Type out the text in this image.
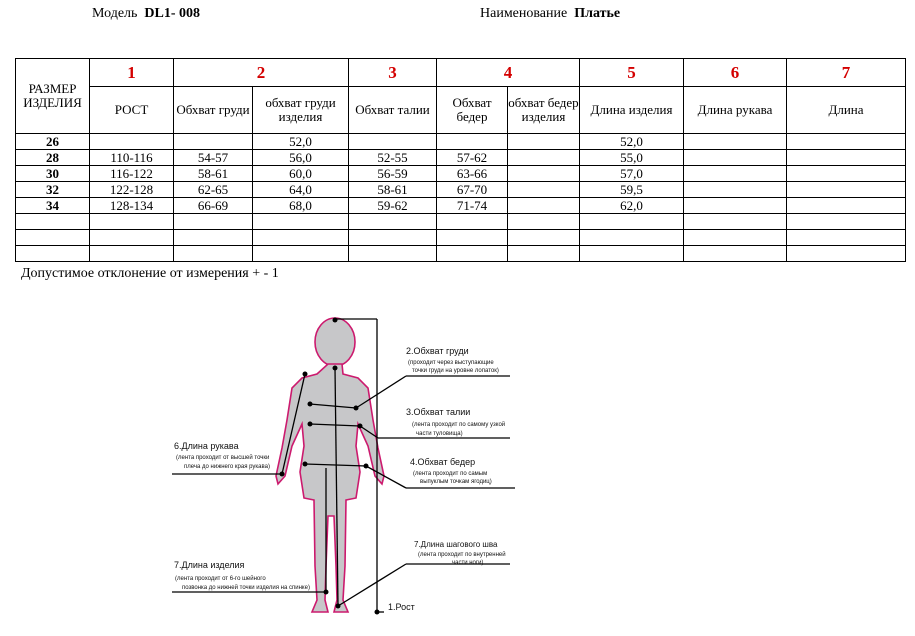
Модель DL1- 008	Наименование Платье
РАЗМЕР ИЗДЕЛИЯ	1	2		3	4		5	6	7
	РОСТ	Обхват груди	обхват груди изделия	Обхват талии	Обхват бедер	обхват бедер изделия	Длина изделия	Длина рукава	Длина
26			52,0				52,0		
28	110-116	54-57	56,0	52-55	57-62		55,0		
30	116-122	58-61	60,0	56-59	63-66		57,0		
32	122-128	62-65	64,0	58-61	67-70		59,5		
34	128-134	66-69	68,0	59-62	71-74		62,0		

Допустимое отклонение от измерения + - 1
2.Обхват груди
(проходит через выступающие
точки груди на уровне лопаток)
3.Обхват талии
(лента проходит по самому узкой
части туловища)
4.Обхват бедер
(лента проходит по самым
выпуклым точкам ягодиц)
6.Длина рукава
(лента проходит от высшей точки
плеча до нижнего края рукава)
7.Длина шагового шва
(лента проходит по внутренней
части ноги)
7.Длина изделия
(лента проходит от 6-го шейного
позвонка до нижней точки изделия на спинке)
1.Рост
